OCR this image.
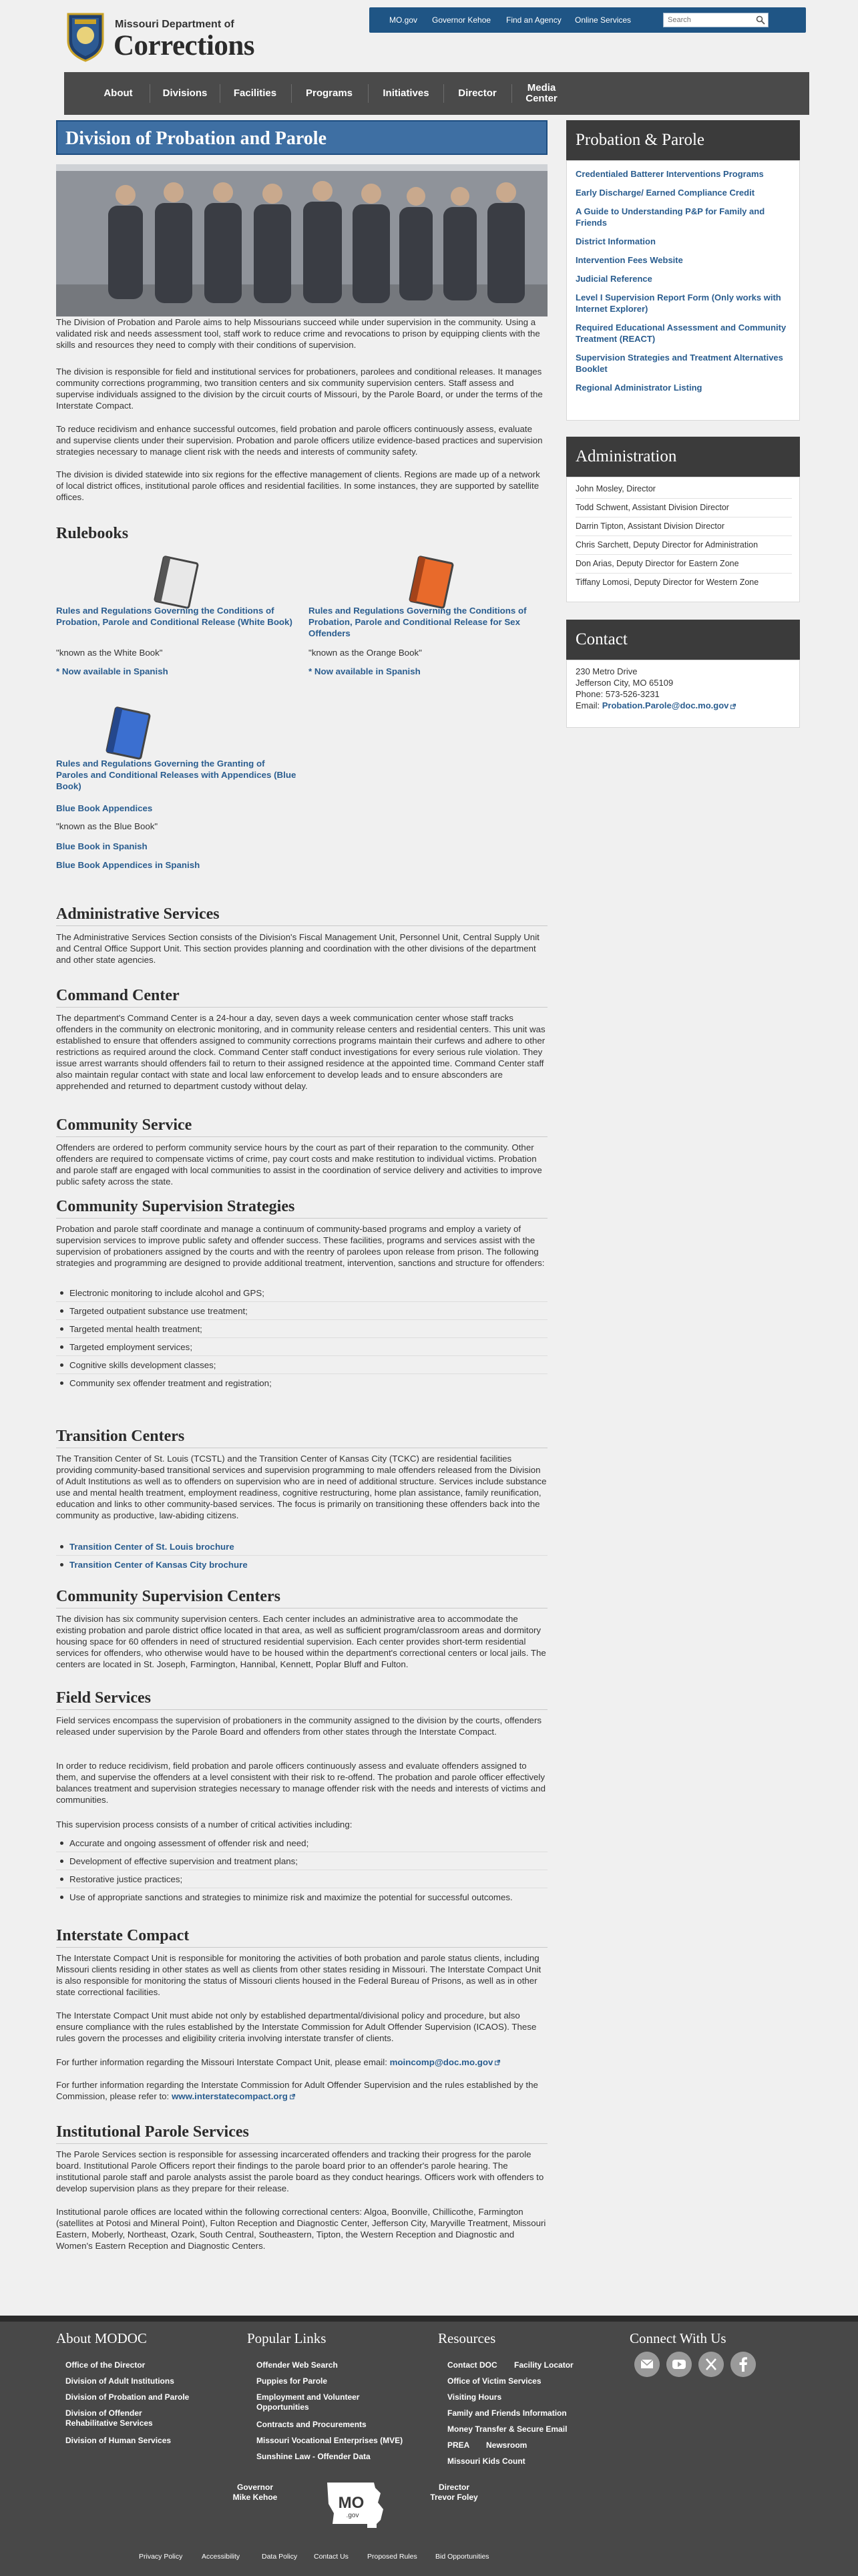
Missouri Department of
Corrections
MO.gov Governor Kehoe Find an Agency Online Services
Search
About	Divisions	Facilities	Programs	Initiatives	Director	Media Center
Division of Probation and Parole

The Division of Probation and Parole aims to help Missourians succeed while under supervision in the community. Using a validated risk and needs assessment tool, staff work to reduce crime and revocations to prison by equipping clients with the skills and resources they need to comply with their conditions of supervision.

The division is responsible for field and institutional services for probationers, parolees and conditional releases. It manages community corrections programming, two transition centers and six community supervision centers. Staff assess and supervise individuals assigned to the division by the circuit courts of Missouri, by the Parole Board, or under the terms of the Interstate Compact.

To reduce recidivism and enhance successful outcomes, field probation and parole officers continuously assess, evaluate and supervise clients under their supervision. Probation and parole officers utilize evidence-based practices and supervision strategies necessary to manage client risk with the needs and interests of community safety.

The division is divided statewide into six regions for the effective management of clients. Regions are made up of a network of local district offices, institutional parole offices and residential facilities. In some instances, they are supported by satellite offices.

Rulebooks
Rules and Regulations Governing the Conditions of Probation, Parole and Conditional Release (White Book)
"known as the White Book"
* Now available in Spanish
Rules and Regulations Governing the Conditions of Probation, Parole and Conditional Release for Sex Offenders
"known as the Orange Book"
* Now available in Spanish
Rules and Regulations Governing the Granting of Paroles and Conditional Releases with Appendices (Blue Book)
Blue Book Appendices
"known as the Blue Book"
Blue Book in Spanish
Blue Book Appendices in Spanish
Administrative Services

The Administrative Services Section consists of the Division's Fiscal Management Unit, Personnel Unit, Central Supply Unit and Central Office Support Unit. This section provides planning and coordination with the other divisions of the department and other state agencies.

Command Center

The department's Command Center is a 24-hour a day, seven days a week communication center whose staff tracks offenders in the community on electronic monitoring, and in community release centers and residential centers. This unit was established to ensure that offenders assigned to community corrections programs maintain their curfews and adhere to other restrictions as required around the clock. Command Center staff conduct investigations for every serious rule violation. They issue arrest warrants should offenders fail to return to their assigned residence at the appointed time. Command Center staff also maintain regular contact with state and local law enforcement to develop leads and to ensure absconders are apprehended and returned to department custody without delay.

Community Service

Offenders are ordered to perform community service hours by the court as part of their reparation to the community. Other offenders are required to compensate victims of crime, pay court costs and make restitution to individual victims. Probation and parole staff are engaged with local communities to assist in the coordination of service delivery and activities to improve public safety across the state.

Community Supervision Strategies

Probation and parole staff coordinate and manage a continuum of community-based programs and employ a variety of supervision services to improve public safety and offender success. These facilities, programs and services assist with the supervision of probationers assigned by the courts and with the reentry of parolees upon release from prison. The following strategies and programming are designed to provide additional treatment, intervention, sanctions and structure for offenders:

Electronic monitoring to include alcohol and GPS;
Targeted outpatient substance use treatment;
Targeted mental health treatment;
Targeted employment services;
Cognitive skills development classes;
Community sex offender treatment and registration;
Transition Centers

The Transition Center of St. Louis (TCSTL) and the Transition Center of Kansas City (TCKC) are residential facilities providing community-based transitional services and supervision programming to male offenders released from the Division of Adult Institutions as well as to offenders on supervision who are in need of additional structure. Services include substance use and mental health treatment, employment readiness, cognitive restructuring, home plan assistance, family reunification, education and links to other community-based services. The focus is primarily on transitioning these offenders back into the community as productive, law-abiding citizens.

Transition Center of St. Louis brochure
Transition Center of Kansas City brochure
Community Supervision Centers

The division has six community supervision centers. Each center includes an administrative area to accommodate the existing probation and parole district office located in that area, as well as sufficient program/classroom areas and dormitory housing space for 60 offenders in need of structured residential supervision. Each center provides short-term residential services for offenders, who otherwise would have to be housed within the department's correctional centers or local jails. The centers are located in St. Joseph, Farmington, Hannibal, Kennett, Poplar Bluff and Fulton.

Field Services

Field services encompass the supervision of probationers in the community assigned to the division by the courts, offenders released under supervision by the Parole Board and offenders from other states through the Interstate Compact.

In order to reduce recidivism, field probation and parole officers continuously assess and evaluate offenders assigned to them, and supervise the offenders at a level consistent with their risk to re-offend. The probation and parole officer effectively balances treatment and supervision strategies necessary to manage offender risk with the needs and interests of victims and communities.

This supervision process consists of a number of critical activities including:

Accurate and ongoing assessment of offender risk and need;
Development of effective supervision and treatment plans;
Restorative justice practices;
Use of appropriate sanctions and strategies to minimize risk and maximize the potential for successful outcomes.
Interstate Compact

The Interstate Compact Unit is responsible for monitoring the activities of both probation and parole status clients, including Missouri clients residing in other states as well as clients from other states residing in Missouri. The Interstate Compact Unit is also responsible for monitoring the status of Missouri clients housed in the Federal Bureau of Prisons, as well as in other state correctional facilities.

The Interstate Compact Unit must abide not only by established departmental/divisional policy and procedure, but also ensure compliance with the rules established by the Interstate Commission for Adult Offender Supervision (ICAOS). These rules govern the processes and eligibility criteria involving interstate transfer of clients.

For further information regarding the Missouri Interstate Compact Unit, please email: moincomp@doc.mo.gov

For further information regarding the Interstate Commission for Adult Offender Supervision and the rules established by the Commission, please refer to: www.interstatecompact.org

Institutional Parole Services

The Parole Services section is responsible for assessing incarcerated offenders and tracking their progress for the parole board. Institutional Parole Officers report their findings to the parole board prior to an offender's parole hearing. The institutional parole staff and parole analysts assist the parole board as they conduct hearings. Officers work with offenders to develop supervision plans as they prepare for their release.

Institutional parole offices are located within the following correctional centers: Algoa, Boonville, Chillicothe, Farmington (satellites at Potosi and Mineral Point), Fulton Reception and Diagnostic Center, Jefferson City, Maryville Treatment, Missouri Eastern, Moberly, Northeast, Ozark, South Central, Southeastern, Tipton, the Western Reception and Diagnostic and Women's Eastern Reception and Diagnostic Centers.

Probation & Parole
Credentialed Batterer Interventions Programs
Early Discharge/ Earned Compliance Credit
A Guide to Understanding P&P for Family and Friends
District Information
Intervention Fees Website
Judicial Reference
Level I Supervision Report Form (Only works with Internet Explorer)
Required Educational Assessment and Community Treatment (REACT)
Supervision Strategies and Treatment Alternatives Booklet
Regional Administrator Listing
Administration
John Mosley, Director
Todd Schwent, Assistant Division Director
Darrin Tipton, Assistant Division Director
Chris Sarchett, Deputy Director for Administration
Don Arias, Deputy Director for Eastern Zone
Tiffany Lomosi, Deputy Director for Western Zone
Contact
230 Metro Drive
Jefferson City, MO 65109
Phone: 573-526-3231
Email: Probation.Parole@doc.mo.gov
About MODOC
Office of the Director
Division of Adult Institutions
Division of Probation and Parole
Division of Offender Rehabilitative Services
Division of Human Services
Popular Links
Offender Web Search
Puppies for Parole
Employment and Volunteer Opportunities
Contracts and Procurements
Missouri Vocational Enterprises (MVE)
Sunshine Law - Offender Data
Resources
Contact DOC Facility Locator
Office of Victim Services
Visiting Hours
Family and Friends Information
Money Transfer & Secure Email
PREA Newsroom
Missouri Kids Count
Connect With Us
Governor
Mike Kehoe	MO
.gov
Director
Trevor Foley
Privacy Policy	Accessibility	Data Policy Contact Us	Proposed Rules	Bid Opportunities
